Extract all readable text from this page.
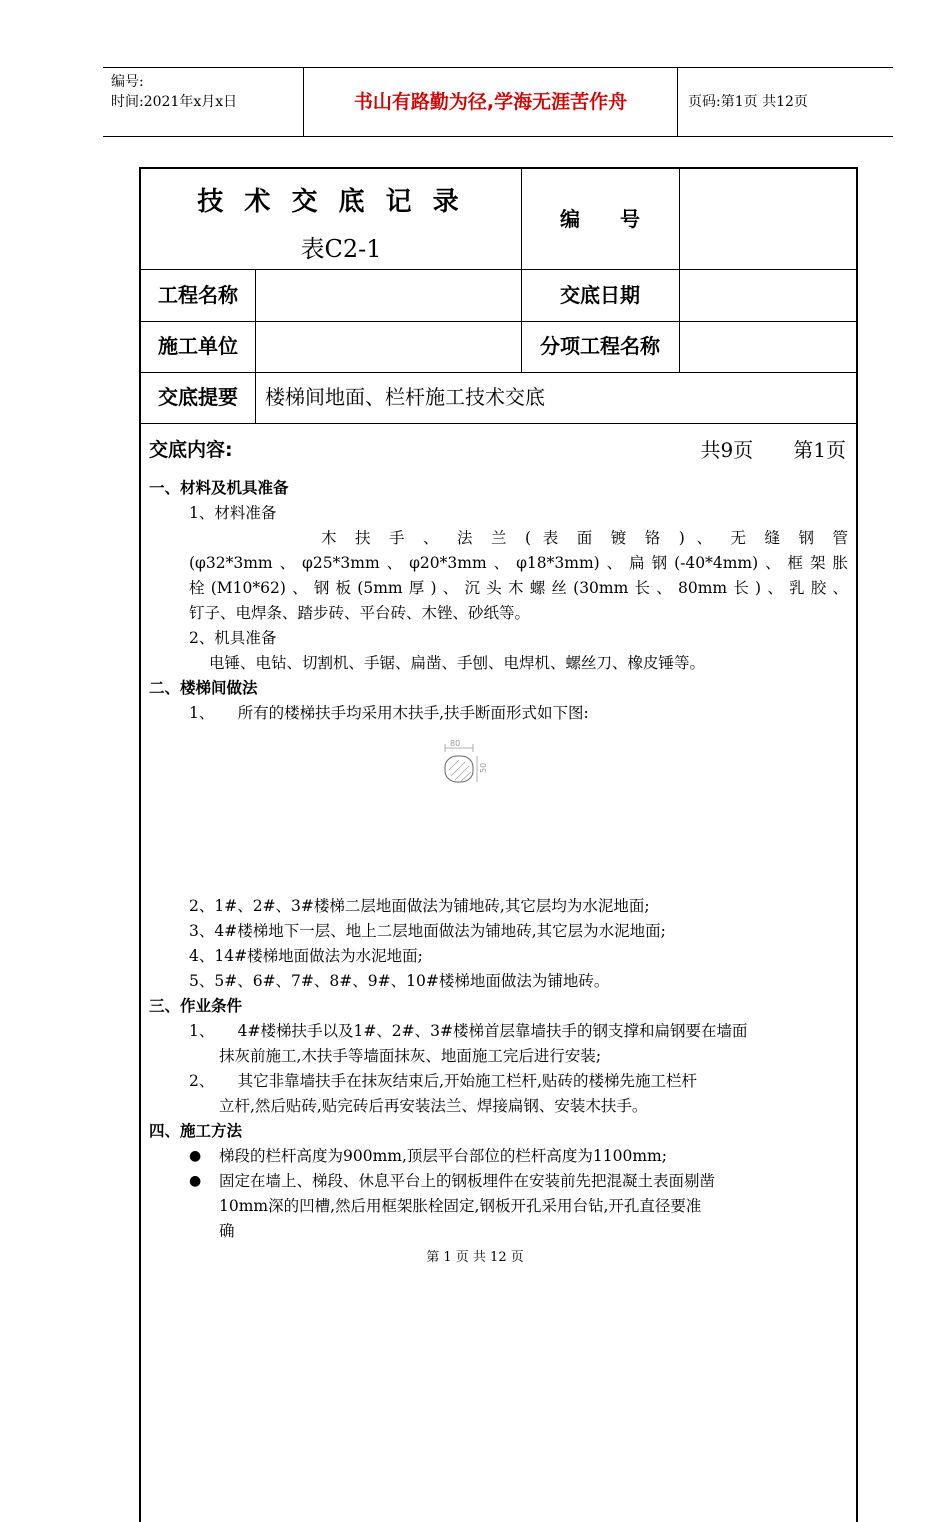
编号:
时间:2021年x月x日	书山有路勤为径,学海无涯苦作舟	页码:第1页 共12页
技 术 交 底 记 录
表C2-1
编　　号
工程名称	交底日期
施工单位	分项工程名称
交底提要	楼梯间地面、栏杆施工技术交底
交底内容:	共9页　　第1页

一、材料及机具准备

1、材料准备

木 扶 手 、 法 兰 ( 表 面 镀 铬 ) 、 无 缝 钢 管

(φ32*3mm、φ25*3mm、φ20*3mm、φ18*3mm)、扁钢(-40*4mm)、框架胀

栓(M10*62)、钢板(5mm厚)、沉头木螺丝(30mm长、80mm长)、乳胶、

钉子、电焊条、踏步砖、平台砖、木锉、砂纸等。

2、机具准备

电锤、电钻、切割机、手锯、扁凿、手刨、电焊机、螺丝刀、橡皮锤等。

二、楼梯间做法

1、　　所有的楼梯扶手均采用木扶手,扶手断面形式如下图:

80
50

2、1#、2#、3#楼梯二层地面做法为铺地砖,其它层均为水泥地面;

3、4#楼梯地下一层、地上二层地面做法为铺地砖,其它层为水泥地面;

4、14#楼梯地面做法为水泥地面;

5、5#、6#、7#、8#、9#、10#楼梯地面做法为铺地砖。

三、作业条件

1、　　4#楼梯扶手以及1#、2#、3#楼梯首层靠墙扶手的钢支撑和扁钢要在墙面

抹灰前施工,木扶手等墙面抹灰、地面施工完后进行安装;

2、　　其它非靠墙扶手在抹灰结束后,开始施工栏杆,贴砖的楼梯先施工栏杆

立杆,然后贴砖,贴完砖后再安装法兰、焊接扁钢、安装木扶手。

四、施工方法

● 梯段的栏杆高度为900mm,顶层平台部位的栏杆高度为1100mm;

● 固定在墙上、梯段、休息平台上的钢板埋件在安装前先把混凝土表面剔凿

10mm深的凹槽,然后用框架胀栓固定,钢板开孔采用台钻,开孔直径要准

确

第 1 页 共 12 页
